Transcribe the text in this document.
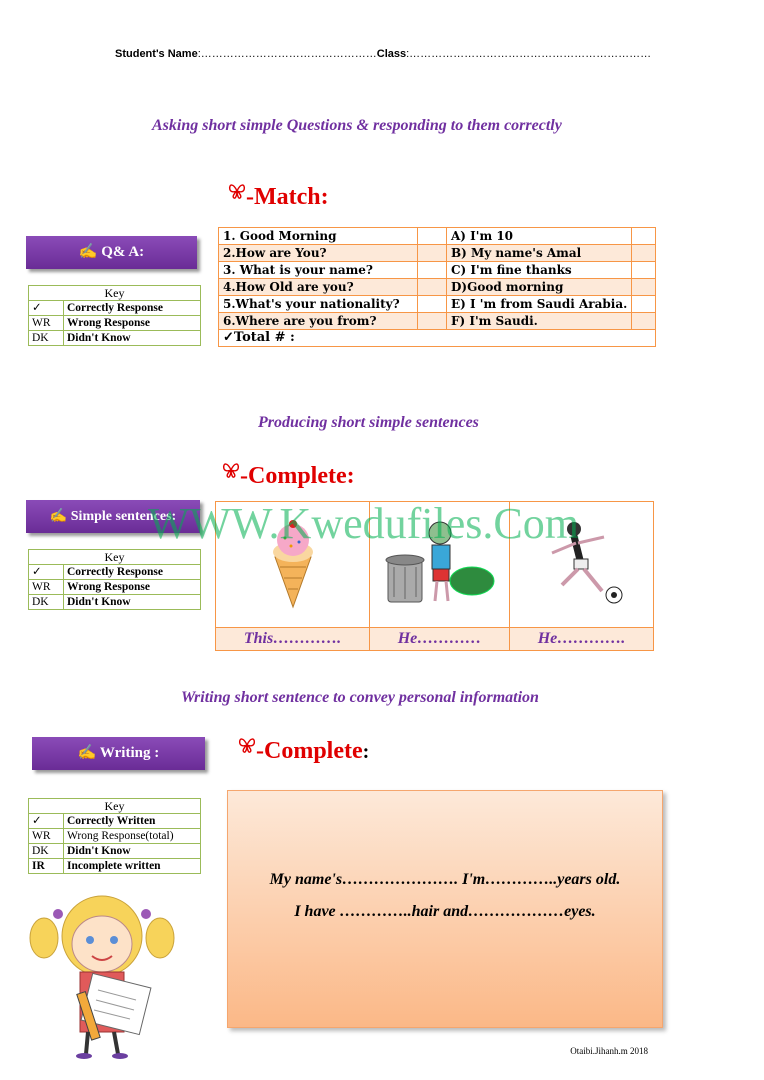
Student's Name:…………………………………………Class:…………………………………………………………
Asking short simple Questions & responding to them correctly
-Match:
✍ Q& A:
Key	
✓	Correctly Response
WR	Wrong Response
DK	Didn't Know
1. Good Morning		A) I'm 10	
2.How are You?		B) My name's Amal	
3. What is your name?		C) I'm fine thanks	
4.How Old are you?		D)Good morning	
5.What's your nationality?		E) I 'm from Saudi Arabia.	
6.Where are you from?		F) I'm Saudi.	
✓Total # :			
Producing short simple sentences
-Complete:
✍ Simple sentences:
Key	
✓	Correctly Response
WR	Wrong Response
DK	Didn't Know

This………….	He…………	He………….
WWW.Kwedufiles.Com
Writing short sentence to convey personal information
-Complete:
✍ Writing :
Key	
✓	Correctly Written
WR	Wrong Response(total)
DK	Didn't Know
IR	Incomplete written
My name's…………………. I'm…………..years old.
I have …………..hair and………………eyes.
Otaibi.Jihanh.m 2018
